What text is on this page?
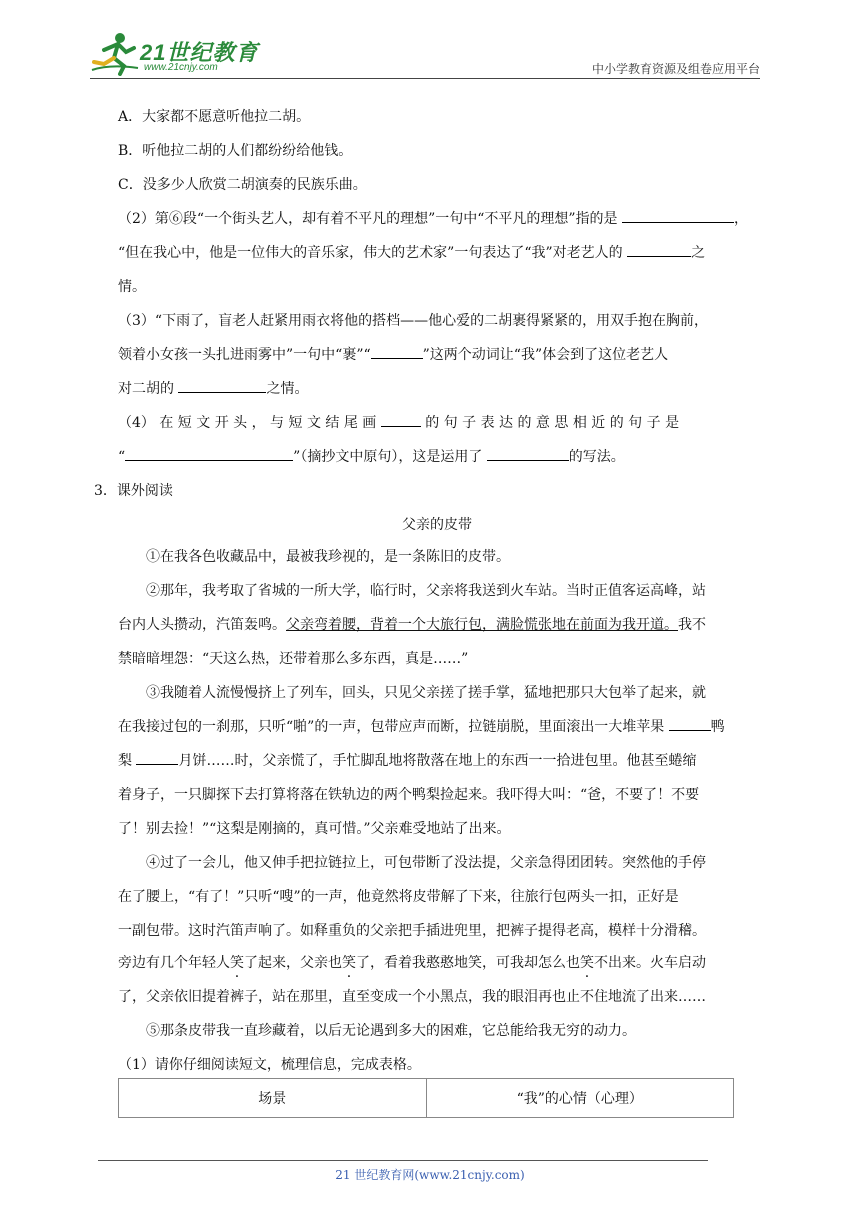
21世纪教育
www.21cnjy.com	中小学教育资源及组卷应用平台
A．大家都不愿意听他拉二胡。
B．听他拉二胡的人们都纷纷给他钱。
C．没多少人欣赏二胡演奏的民族乐曲。
（2）第⑥段“一个街头艺人，却有着不平凡的理想”一句中“不平凡的理想”指的是	，
“但在我心中，他是一位伟大的音乐家，伟大的艺术家”一句表达了“我”对老艺人的	之
情。
（3）“下雨了，盲老人赶紧用雨衣将他的搭档——他心爱的二胡裹得紧紧的，用双手抱在胸前，
领着小女孩一头扎进雨雾中”一句中“裹”“	”这两个动词让“我”体会到了这位老艺人
对二胡的	之情。
（4） 在 短 文 开 头 ， 与 短 文 结 尾 画	的 句 子 表 达 的 意 思 相 近 的 句 子 是
“	”（摘抄文中原句），这是运用了	的写法。
3．课外阅读
父亲的皮带
①在我各色收藏品中，最被我珍视的，是一条陈旧的皮带。
②那年，我考取了省城的一所大学，临行时，父亲将我送到火车站。当时正值客运高峰，站
台内人头攒动，汽笛轰鸣。父亲弯着腰，背着一个大旅行包，满脸慌张地在前面为我开道。我不
禁暗暗埋怨：“天这么热，还带着那么多东西，真是……”
③我随着人流慢慢挤上了列车，回头，只见父亲搓了搓手掌，猛地把那只大包举了起来，就
在我接过包的一刹那，只听“啪”的一声，包带应声而断，拉链崩脱，里面滚出一大堆苹果	鸭
梨	月饼……时，父亲慌了，手忙脚乱地将散落在地上的东西一一拾进包里。他甚至蜷缩
着身子，一只脚探下去打算将落在铁轨边的两个鸭梨捡起来。我吓得大叫：“爸，不要了！不要
了！别去捡！”“这梨是刚摘的，真可惜。”父亲难受地站了出来。
④过了一会儿，他又伸手把拉链拉上，可包带断了没法提，父亲急得团团转。突然他的手停
在了腰上，“有了！”只听“嗖”的一声，他竟然将皮带解了下来，往旅行包两头一扣，正好是
一副包带。这时汽笛声响了。如释重负的父亲把手插进兜里，把裤子提得老高，模样十分滑稽。
旁边有几个年轻人笑了起来，父亲也笑了，看着我憨憨地笑，可我却怎么也笑不出来。火车启动
了，父亲依旧提着裤子，站在那里，直至变成一个小黑点，我的眼泪再也止不住地流了出来……
⑤那条皮带我一直珍藏着，以后无论遇到多大的困难，它总能给我无穷的动力。
（1）请你仔细阅读短文，梳理信息，完成表格。
场景	“我”的心情（心理）
21 世纪教育网(www.21cnjy.com)
